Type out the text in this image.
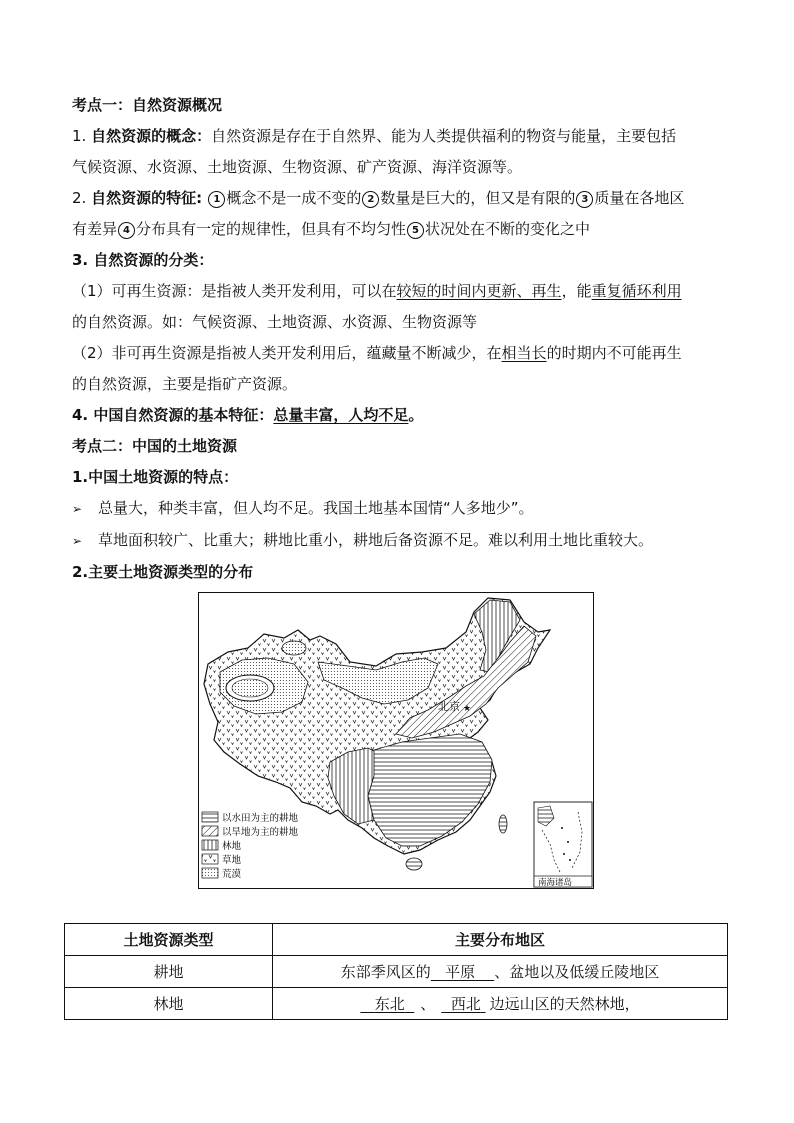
考点一：自然资源概况
1. 自然资源的概念：自然资源是存在于自然界、能为人类提供福利的物资与能量，主要包括
气候资源、水资源、土地资源、生物资源、矿产资源、海洋资源等。
2. 自然资源的特征: 1 概念不是一成不变的 2 数量是巨大的，但又是有限的 3 质量在各地区
有差异 4 分布具有一定的规律性，但具有不均匀性 5 状况处在不断的变化之中
3. 自然资源的分类：
（1）可再生资源：是指被人类开发利用，可以在较短的时间内更新、再生，能重复循环利用
的自然资源。如：气候资源、土地资源、水资源、生物资源等
（2）非可再生资源是指被人类开发利用后，蕴藏量不断减少，在相当长的时期内不可能再生
的自然资源，主要是指矿产资源。
4. 中国自然资源的基本特征：总量丰富，人均不足。
考点二：中国的土地资源
1.中国土地资源的特点：
➢ 总量大，种类丰富，但人均不足。我国土地基本国情“人多地少”。
➢ 草地面积较广、比重大；耕地比重小，耕地后备资源不足。难以利用土地比重较大。
2.主要土地资源类型的分布
北京 ★
以水田为主的耕地
以旱地为主的耕地
林地
草地
荒漠
南海诸岛
土地资源类型	主要分布地区
耕地	东部季风区的 平原 、盆地以及低缓丘陵地区
林地	东北 、 西北 边远山区的天然林地，
